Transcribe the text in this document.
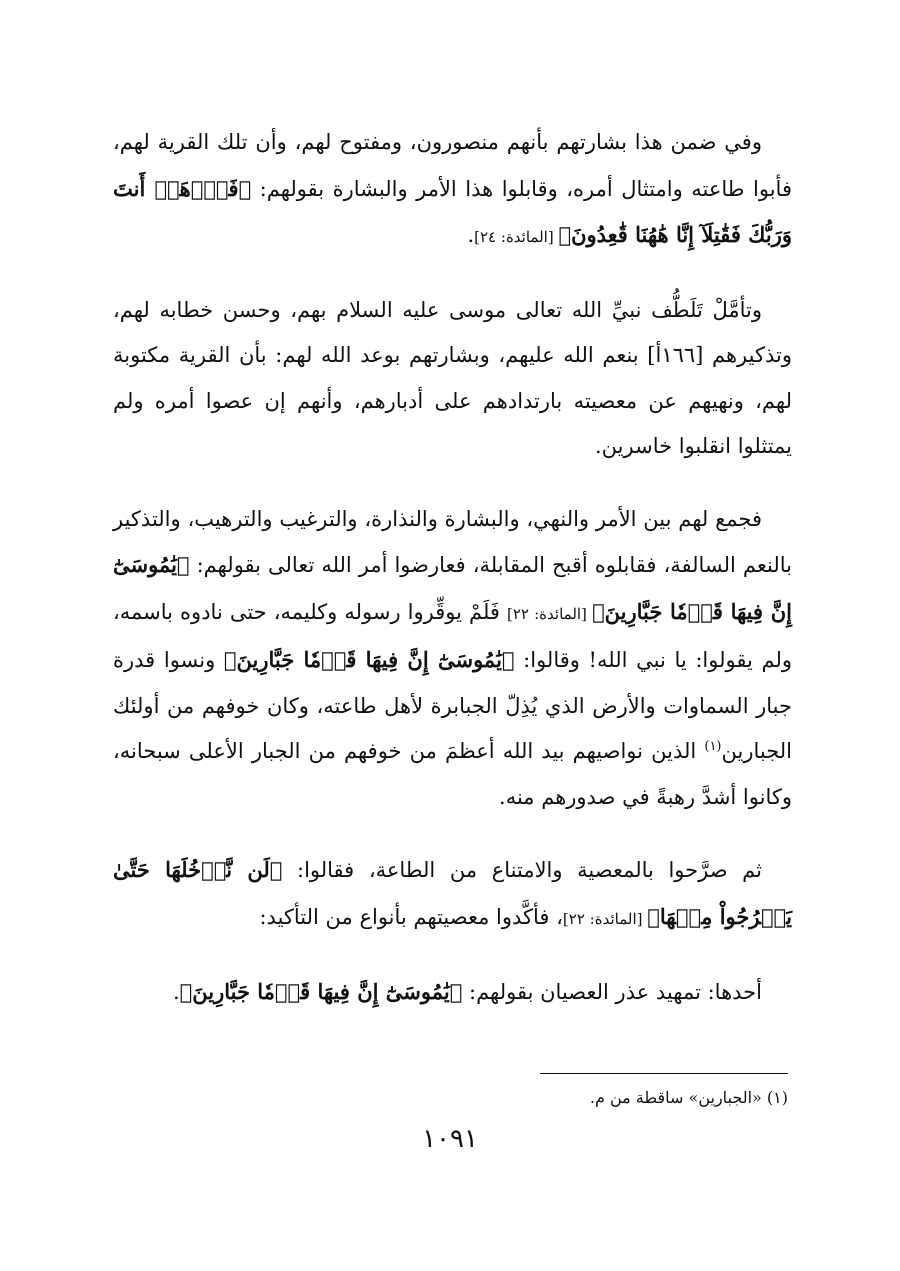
وفي ضمن هذا بشارتهم بأنهم منصورون، ومفتوح لهم، وأن تلك القرية لهم، فأبوا طاعته وامتثال أمره، وقابلوا هذا الأمر والبشارة بقولهم: ﴿فَٱذۡهَبۡ أَنتَ وَرَبُّكَ فَقَٰتِلَآ إِنَّا هَٰهُنَا قَٰعِدُونَ﴾ [المائدة: ٢٤].

وتأمَّلْ تَلَطُّف نبيِّ الله تعالى موسى عليه السلام بهم، وحسن خطابه لهم، وتذكيرهم [١٦٦أ] بنعم الله عليهم، وبشارتهم بوعد الله لهم: بأن القرية مكتوبة لهم، ونهيهم عن معصيته بارتدادهم على أدبارهم، وأنهم إن عصوا أمره ولم يمتثلوا انقلبوا خاسرين.

فجمع لهم بين الأمر والنهي، والبشارة والنذارة، والترغيب والترهيب، والتذكير بالنعم السالفة، فقابلوه أقبح المقابلة، فعارضوا أمر الله تعالى بقولهم: ﴿يَٰمُوسَىٰٓ إِنَّ فِيهَا قَوۡمٗا جَبَّارِينَ﴾ [المائدة: ٢٢] فَلَمْ يوقِّروا رسوله وكليمه، حتى نادوه باسمه، ولم يقولوا: يا نبي الله! وقالوا: ﴿يَٰمُوسَىٰٓ إِنَّ فِيهَا قَوۡمٗا جَبَّارِينَ﴾ ونسوا قدرة جبار السماوات والأرض الذي يُذِلّ الجبابرة لأهل طاعته، وكان خوفهم من أولئك الجبارين$^{(١)}$ الذين نواصيهم بيد الله أعظمَ من خوفهم من الجبار الأعلى سبحانه، وكانوا أشدَّ رهبةً في صدورهم منه.

ثم صرَّحوا بالمعصية والامتناع من الطاعة، فقالوا: ﴿لَن نَّدۡخُلَهَا حَتَّىٰ يَخۡرُجُواْ مِنۡهَا﴾ [المائدة: ٢٢]، فأكَّدوا معصيتهم بأنواع من التأكيد:

أحدها: تمهيد عذر العصيان بقولهم: ﴿يَٰمُوسَىٰٓ إِنَّ فِيهَا قَوۡمٗا جَبَّارِينَ﴾.

(١) «الجبارين» ساقطة من م.
١٠٩١
